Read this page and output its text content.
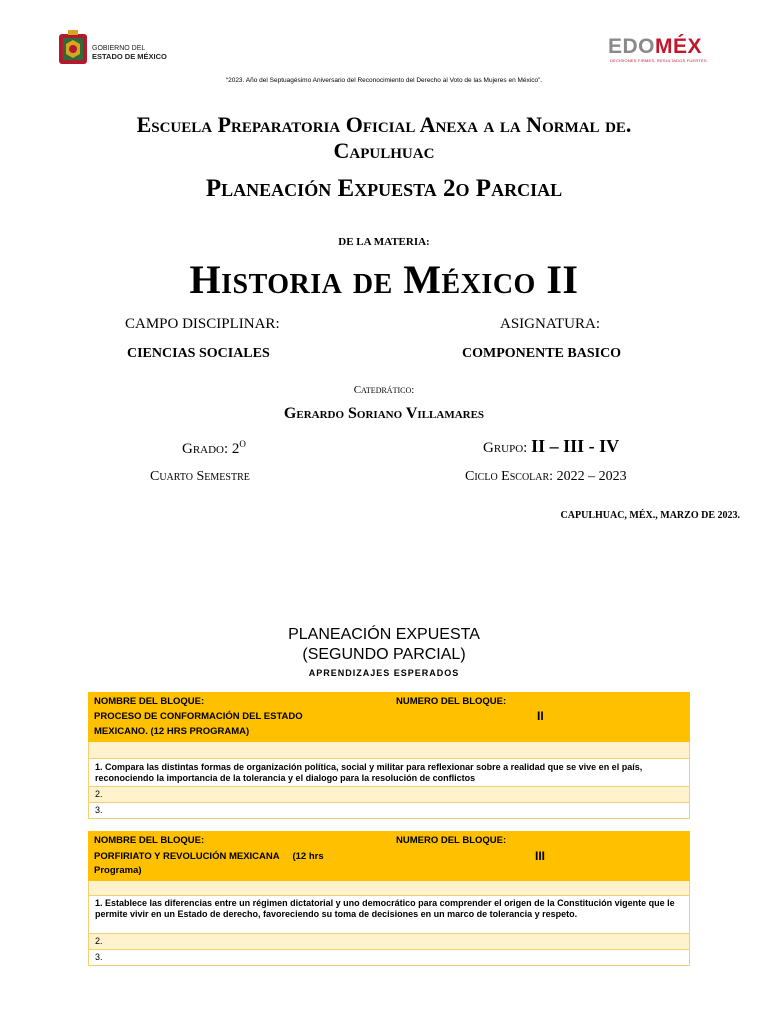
GOBIERNO DEL
ESTADO DE MÉXICO	EDOMÉX
DECISIONES FIRMES, RESULTADOS FUERTES.
“2023. Año del Septuagésimo Aniversario del Reconocimiento del Derecho al Voto de las Mujeres en México”.
Escuela Preparatoria Oficial Anexa a la Normal de.
Capulhuac
Planeación Expuesta 2o Parcial
DE LA MATERIA:
Historia de México II
CAMPO DISCIPLINAR:	ASIGNATURA:
CIENCIAS SOCIALES	COMPONENTE BASICO
Catedrático:
Gerardo Soriano Villamares
Grado: 2$^o$	Grupo: II – III - IV
Cuarto Semestre	Ciclo Escolar: 2022 – 2023
CAPULHUAC, MÉX., MARZO DE 2023.
PLANEACIÓN EXPUESTA
(SEGUNDO PARCIAL)
APRENDIZAJES ESPERADOS
NOMBRE DEL BLOQUE:
PROCESO DE CONFORMACIÓN DEL ESTADO
MEXICANO. (12 HRS PROGRAMA)
NUMERO DEL BLOQUE:
II
1. Compara las distintas formas de organización política, social y militar para reflexionar sobre a realidad que se vive en el país, reconociendo la importancia de la tolerancia y el dialogo para la resolución de conflictos
2.
3.
NOMBRE DEL BLOQUE:
PORFIRIATO Y REVOLUCIÓN MEXICANA     (12 hrs
Programa)
NUMERO DEL BLOQUE:
III
1. Establece las diferencias entre un régimen dictatorial y uno democrático para comprender el origen de la Constitución vigente que le permite vivir en un Estado de derecho, favoreciendo su toma de decisiones en un marco de tolerancia y respeto.
2.
3.
